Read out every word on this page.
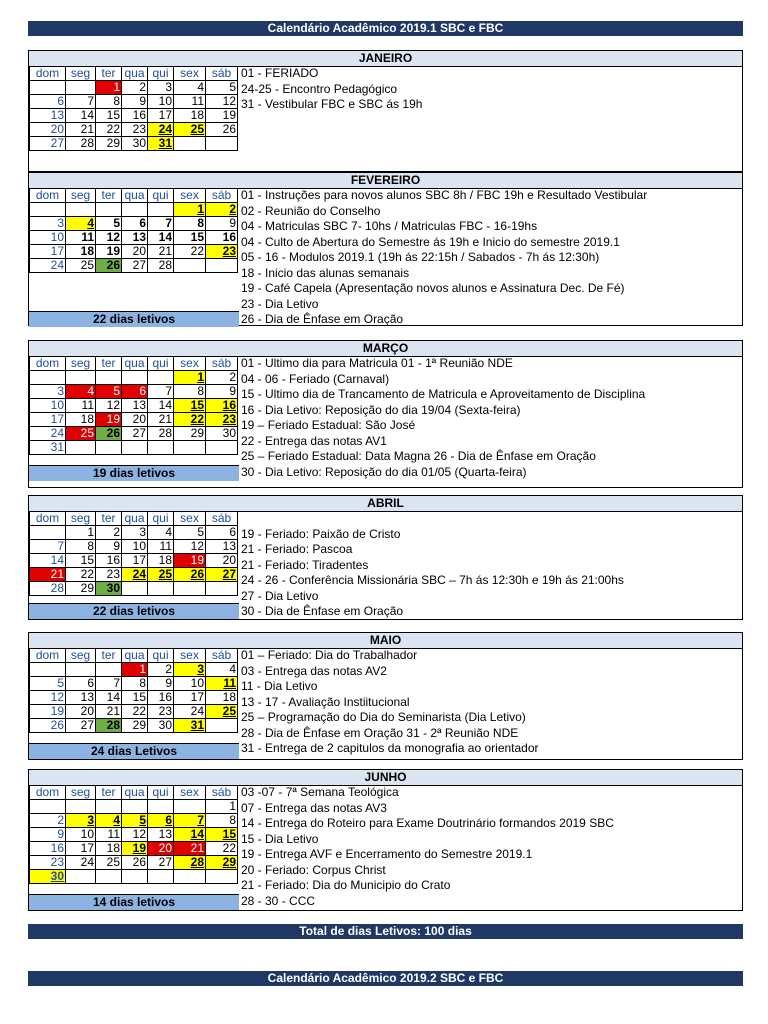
Calendário Acadêmico 2019.1 SBC e FBC
JANEIRO
dom	seg	ter	qua	qui	sex	sáb
		1	2	3	4	5
6	7	8	9	10	11	12
13	14	15	16	17	18	19
20	21	22	23	24	25	26
27	28	29	30	31		
01 - FERIADO
24-25 - Encontro Pedagógico
31 - Vestibular FBC e SBC ás 19h
FEVEREIRO
dom	seg	ter	qua	qui	sex	sáb
					1	2
3	4	5	6	7	8	9
10	11	12	13	14	15	16
17	18	19	20	21	22	23
24	25	26	27	28		
01 - Instruções para novos alunos SBC 8h / FBC 19h e Resultado Vestibular
02 - Reunião do Conselho
04 - Matriculas SBC 7- 10hs / Matriculas FBC - 16-19hs
04 - Culto de Abertura do Semestre ás 19h e Inicio do semestre 2019.1
05 - 16 - Modulos 2019.1 (19h ás 22:15h / Sabados - 7h ás 12:30h)
18 - Inicio das alunas semanais
19 - Café Capela (Apresentação novos alunos e Assinatura Dec. De Fé)
23 - Dia Letivo
26 - Dia de Ênfase em Oração
22 dias letivos
MARÇO
dom	seg	ter	qua	qui	sex	sáb
					1	2
3	4	5	6	7	8	9
10	11	12	13	14	15	16
17	18	19	20	21	22	23
24	25	26	27	28	29	30
31						
01 - Ultimo dia para Matricula 01 - 1ª Reunião NDE
04 - 06 - Feriado (Carnaval)
15 - Ultimo dia de Trancamento de Matricula e Aproveitamento de Disciplina
16 - Dia Letivo: Reposição do dia 19/04 (Sexta-feira)
19 – Feriado Estadual: São José
22 - Entrega das notas AV1
25 – Feriado Estadual: Data Magna 26 - Dia de Ênfase em Oração
30 - Dia Letivo: Reposição do dia 01/05 (Quarta-feira)
19 dias letivos
ABRIL
dom	seg	ter	qua	qui	sex	sáb
	1	2	3	4	5	6
7	8	9	10	11	12	13
14	15	16	17	18	19	20
21	22	23	24	25	26	27
28	29	30				
19 - Feriado: Paixão de Cristo
21 - Feriado: Pascoa
21 - Feriado: Tiradentes
24 - 26 - Conferência Missionária SBC – 7h ás 12:30h e 19h ás 21:00hs
27 - Dia Letivo
30 - Dia de Ênfase em Oração
22 dias letivos
MAIO
dom	seg	ter	qua	qui	sex	sáb
			1	2	3	4
5	6	7	8	9	10	11
12	13	14	15	16	17	18
19	20	21	22	23	24	25
26	27	28	29	30	31	
01 – Feriado: Dia do Trabalhador
03 - Entrega das notas AV2
11 - Dia Letivo
13 - 17 - Avaliação Instiitucional
25 – Programação do Dia do Seminarista (Dia Letivo)
28 - Dia de Ênfase em Oração 31 - 2ª Reunião NDE
31 - Entrega de 2 capitulos da monografia ao orientador
24 dias Letivos
JUNHO
dom	seg	ter	qua	qui	sex	sáb
						1
2	3	4	5	6	7	8
9	10	11	12	13	14	15
16	17	18	19	20	21	22
23	24	25	26	27	28	29
30						
03 -07 - 7ª Semana Teológica
07 - Entrega das notas AV3
14 - Entrega do Roteiro para Exame Doutrinário formandos 2019 SBC
15 - Dia Letivo
19 - Entrega AVF e Encerramento do Semestre 2019.1
20 - Feriado: Corpus Christ
21 - Feriado: Dia do Municipio do Crato
28 - 30 - CCC
14 dias letivos
Total de dias Letivos: 100 dias
Calendário Acadêmico 2019.2 SBC e FBC
